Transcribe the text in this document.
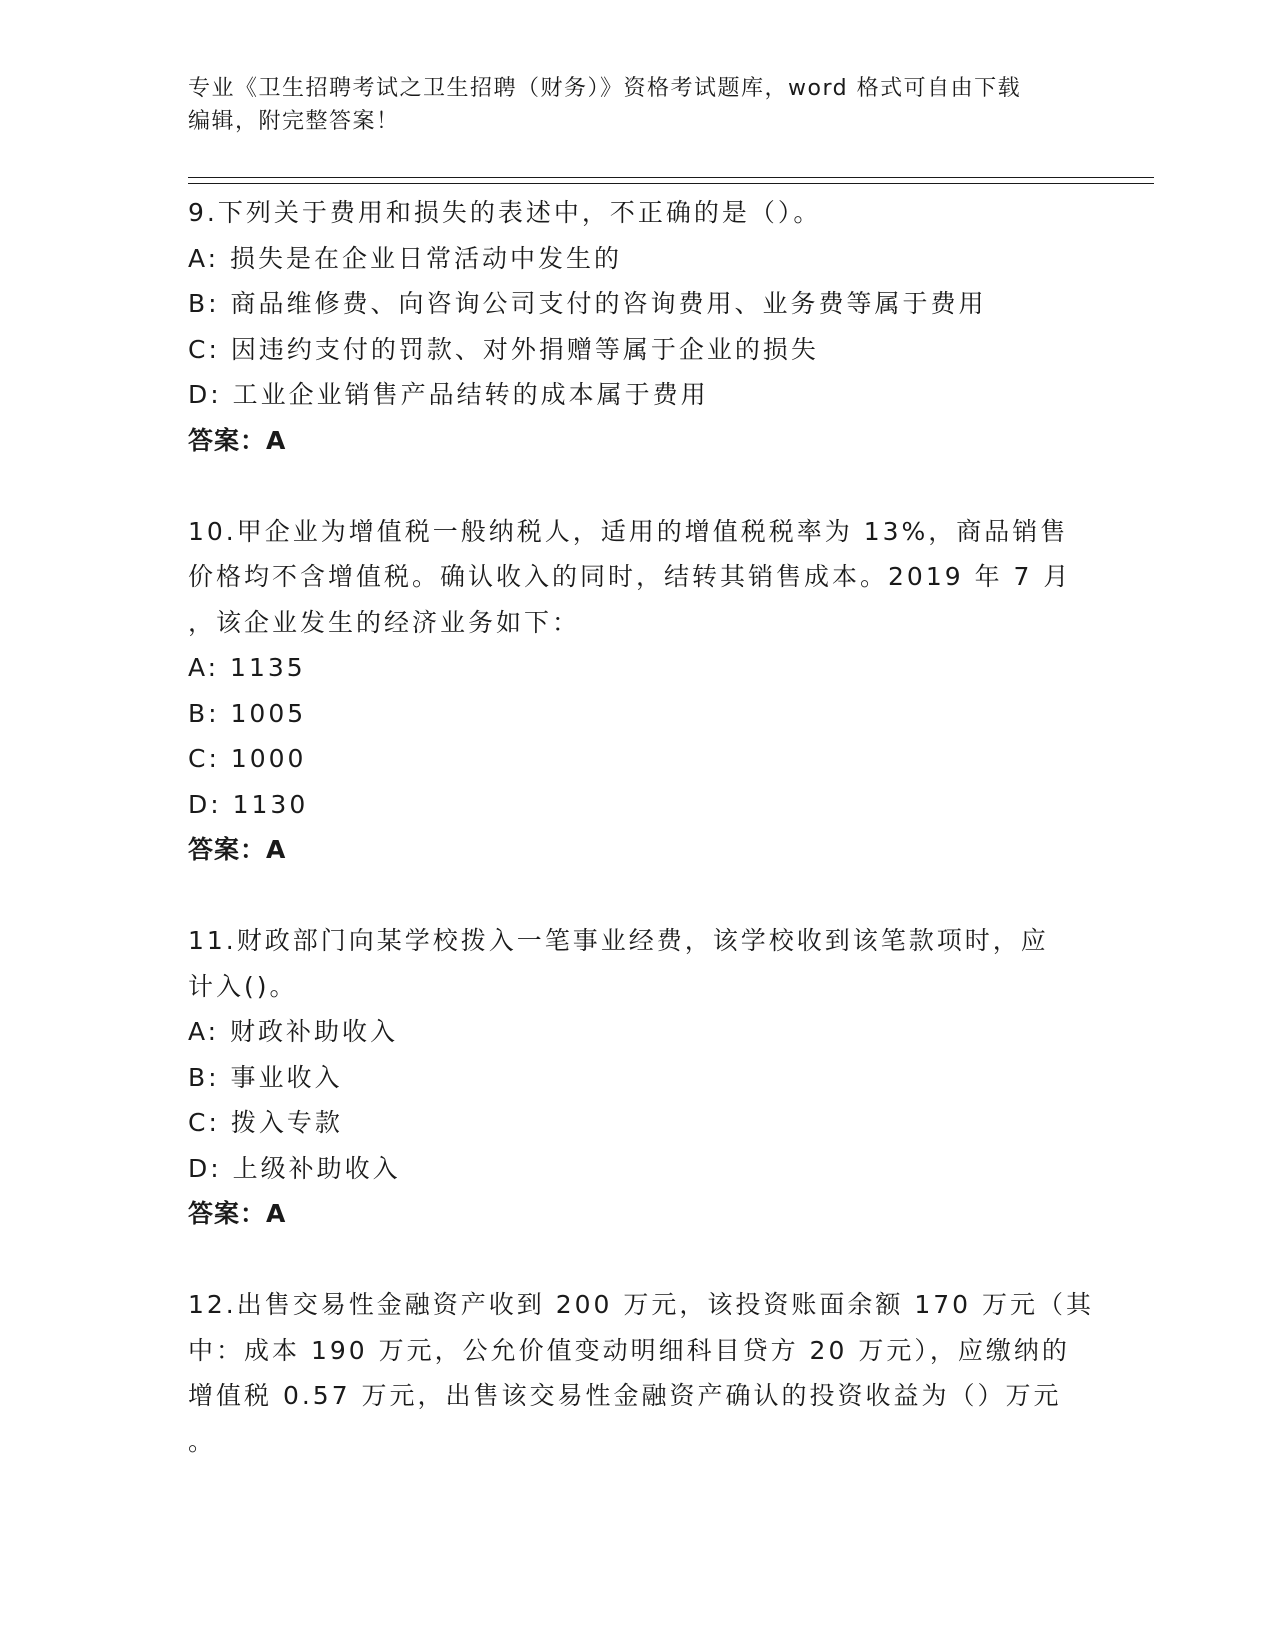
专业《卫生招聘考试之卫生招聘（财务）》资格考试题库，word 格式可自由下载
编辑，附完整答案！
9.下列关于费用和损失的表述中，不正确的是（）。
A: 损失是在企业日常活动中发生的
B: 商品维修费、向咨询公司支付的咨询费用、业务费等属于费用
C: 因违约支付的罚款、对外捐赠等属于企业的损失
D: 工业企业销售产品结转的成本属于费用
答案：A
10.甲企业为增值税一般纳税人，适用的增值税税率为 13%，商品销售
价格均不含增值税。确认收入的同时，结转其销售成本。2019 年 7 月
，该企业发生的经济业务如下：
A: 1135
B: 1005
C: 1000
D: 1130
答案：A
11.财政部门向某学校拨入一笔事业经费，该学校收到该笔款项时，应
计入()。
A: 财政补助收入
B: 事业收入
C: 拨入专款
D: 上级补助收入
答案：A
12.出售交易性金融资产收到 200 万元，该投资账面余额 170 万元（其
中：成本 190 万元，公允价值变动明细科目贷方 20 万元），应缴纳的
增值税 0.57 万元，出售该交易性金融资产确认的投资收益为（）万元
。
